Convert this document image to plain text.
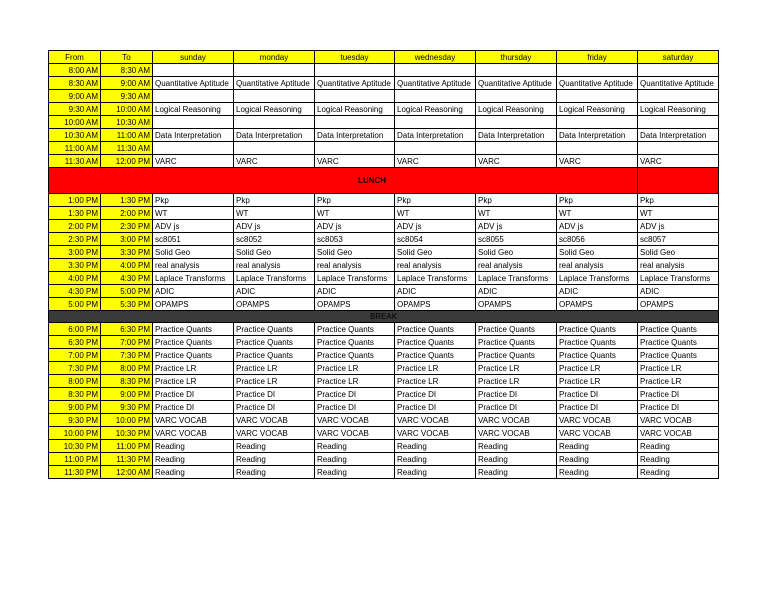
From	To	sunday	monday	tuesday	wednesday	thursday	friday	saturday
8:00 AM	8:30 AM							
8:30 AM	9:00 AM	Quantitative Aptitude	Quantitative Aptitude	Quantitative Aptitude	Quantitative Aptitude	Quantitative Aptitude	Quantitative Aptitude	Quantitative Aptitude
9:00 AM	9:30 AM							
9:30 AM	10:00 AM	Logical Reasoning	Logical Reasoning	Logical Reasoning	Logical Reasoning	Logical Reasoning	Logical Reasoning	Logical Reasoning
10:00 AM	10:30 AM							
10:30 AM	11:00 AM	Data Interpretation	Data Interpretation	Data Interpretation	Data Interpretation	Data Interpretation	Data Interpretation	Data Interpretation
11:00 AM	11:30 AM							
11:30 AM	12:00 PM	VARC	VARC	VARC	VARC	VARC	VARC	VARC
LUNCH								
1:00 PM	1:30 PM	Pkp	Pkp	Pkp	Pkp	Pkp	Pkp	Pkp
1:30 PM	2:00 PM	WT	WT	WT	WT	WT	WT	WT
2:00 PM	2:30 PM	ADV js	ADV js	ADV js	ADV js	ADV js	ADV js	ADV js
2:30 PM	3:00 PM	sc8051	sc8052	sc8053	sc8054	sc8055	sc8056	sc8057
3:00 PM	3:30 PM	Solid Geo	Solid Geo	Solid Geo	Solid Geo	Solid Geo	Solid Geo	Solid Geo
3:30 PM	4:00 PM	real analysis	real analysis	real analysis	real analysis	real analysis	real analysis	real analysis
4:00 PM	4:30 PM	Laplace Transforms	Laplace Transforms	Laplace Transforms	Laplace Transforms	Laplace Transforms	Laplace Transforms	Laplace Transforms
4:30 PM	5:00 PM	ADIC	ADIC	ADIC	ADIC	ADIC	ADIC	ADIC
5:00 PM	5:30 PM	OPAMPS	OPAMPS	OPAMPS	OPAMPS	OPAMPS	OPAMPS	OPAMPS
BREAK								
6:00 PM	6:30 PM	Practice Quants	Practice Quants	Practice Quants	Practice Quants	Practice Quants	Practice Quants	Practice Quants
6:30 PM	7:00 PM	Practice Quants	Practice Quants	Practice Quants	Practice Quants	Practice Quants	Practice Quants	Practice Quants
7:00 PM	7:30 PM	Practice Quants	Practice Quants	Practice Quants	Practice Quants	Practice Quants	Practice Quants	Practice Quants
7:30 PM	8:00 PM	Practice LR	Practice LR	Practice LR	Practice LR	Practice LR	Practice LR	Practice LR
8:00 PM	8:30 PM	Practice LR	Practice LR	Practice LR	Practice LR	Practice LR	Practice LR	Practice LR
8:30 PM	9:00 PM	Practice DI	Practice DI	Practice DI	Practice DI	Practice DI	Practice DI	Practice DI
9:00 PM	9:30 PM	Practice DI	Practice DI	Practice DI	Practice DI	Practice DI	Practice DI	Practice DI
9:30 PM	10:00 PM	VARC VOCAB	VARC VOCAB	VARC VOCAB	VARC VOCAB	VARC VOCAB	VARC VOCAB	VARC VOCAB
10:00 PM	10:30 PM	VARC VOCAB	VARC VOCAB	VARC VOCAB	VARC VOCAB	VARC VOCAB	VARC VOCAB	VARC VOCAB
10:30 PM	11:00 PM	Reading	Reading	Reading	Reading	Reading	Reading	Reading
11:00 PM	11:30 PM	Reading	Reading	Reading	Reading	Reading	Reading	Reading
11:30 PM	12:00 AM	Reading	Reading	Reading	Reading	Reading	Reading	Reading
